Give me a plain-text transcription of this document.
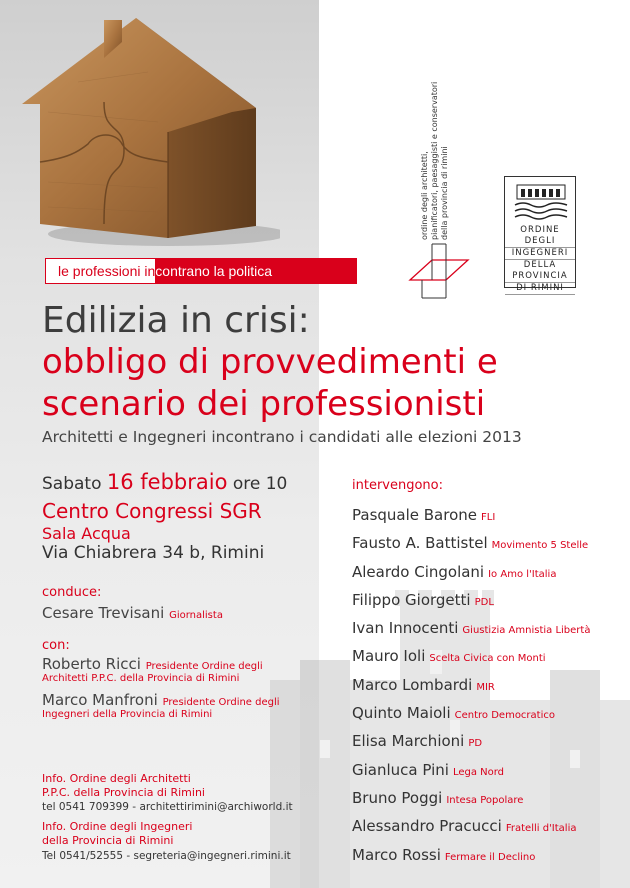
ordine degli architetti, pianificatori, paesaggisti e conservatori della provincia di rimini	ORDINE DEGLI
INGEGNERI
DELLA PROVINCIA
DI RIMINI
le professioni in contrano la politica
Edilizia in crisi:
obbligo di provvedimenti e
scenario dei professionisti
Architetti e Ingegneri incontrano i candidati alle elezioni 2013
Sabato 16 febbraio ore 10
Centro Congressi SGR
Sala Acqua
Via Chiabrera 34 b, Rimini
conduce:
Cesare Trevisani Giornalista
con:
Roberto Ricci Presidente Ordine degli
Architetti P.P.C. della Provincia di Rimini
Marco Manfroni Presidente Ordine degli
Ingegneri della Provincia di Rimini
Info. Ordine degli Architetti
P.P.C. della Provincia di Rimini
tel 0541 709399 - architettirimini@archiworld.it
Info. Ordine degli Ingegneri
della Provincia di Rimini
Tel 0541/52555 - segreteria@ingegneri.rimini.it
intervengono:
Pasquale Barone FLI
Fausto A. Battistel Movimento 5 Stelle
Aleardo Cingolani Io Amo l'Italia
Filippo Giorgetti PDL
Ivan Innocenti Giustizia Amnistia Libertà
Mauro Ioli Scelta Civica con Monti
Marco Lombardi MIR
Quinto Maioli Centro Democratico
Elisa Marchioni PD
Gianluca Pini Lega Nord
Bruno Poggi Intesa Popolare
Alessandro Pracucci Fratelli d'Italia
Marco Rossi Fermare il Declino
